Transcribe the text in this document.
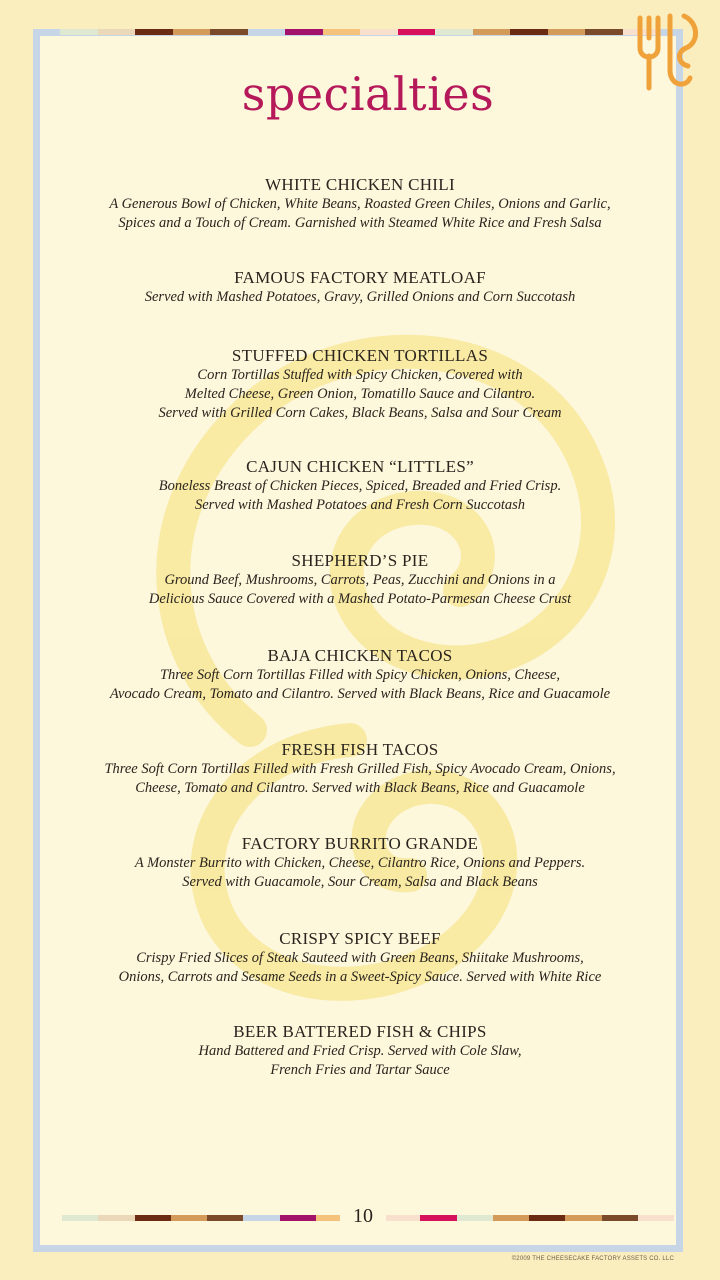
specialties
WHITE CHICKEN CHILI
A Generous Bowl of Chicken, White Beans, Roasted Green Chiles, Onions and Garlic,
Spices and a Touch of Cream. Garnished with Steamed White Rice and Fresh Salsa
FAMOUS FACTORY MEATLOAF
Served with Mashed Potatoes, Gravy, Grilled Onions and Corn Succotash
STUFFED CHICKEN TORTILLAS
Corn Tortillas Stuffed with Spicy Chicken, Covered with
Melted Cheese, Green Onion, Tomatillo Sauce and Cilantro.
Served with Grilled Corn Cakes, Black Beans, Salsa and Sour Cream
CAJUN CHICKEN “LITTLES”
Boneless Breast of Chicken Pieces, Spiced, Breaded and Fried Crisp.
Served with Mashed Potatoes and Fresh Corn Succotash
SHEPHERD’S PIE
Ground Beef, Mushrooms, Carrots, Peas, Zucchini and Onions in a
Delicious Sauce Covered with a Mashed Potato-Parmesan Cheese Crust
BAJA CHICKEN TACOS
Three Soft Corn Tortillas Filled with Spicy Chicken, Onions, Cheese,
Avocado Cream, Tomato and Cilantro. Served with Black Beans, Rice and Guacamole
FRESH FISH TACOS
Three Soft Corn Tortillas Filled with Fresh Grilled Fish, Spicy Avocado Cream, Onions,
Cheese, Tomato and Cilantro. Served with Black Beans, Rice and Guacamole
FACTORY BURRITO GRANDE
A Monster Burrito with Chicken, Cheese, Cilantro Rice, Onions and Peppers.
Served with Guacamole, Sour Cream, Salsa and Black Beans
CRISPY SPICY BEEF
Crispy Fried Slices of Steak Sauteed with Green Beans, Shiitake Mushrooms,
Onions, Carrots and Sesame Seeds in a Sweet-Spicy Sauce. Served with White Rice
BEER BATTERED FISH & CHIPS
Hand Battered and Fried Crisp. Served with Cole Slaw,
French Fries and Tartar Sauce
10
©2009 THE CHEESECAKE FACTORY ASSETS CO. LLC
